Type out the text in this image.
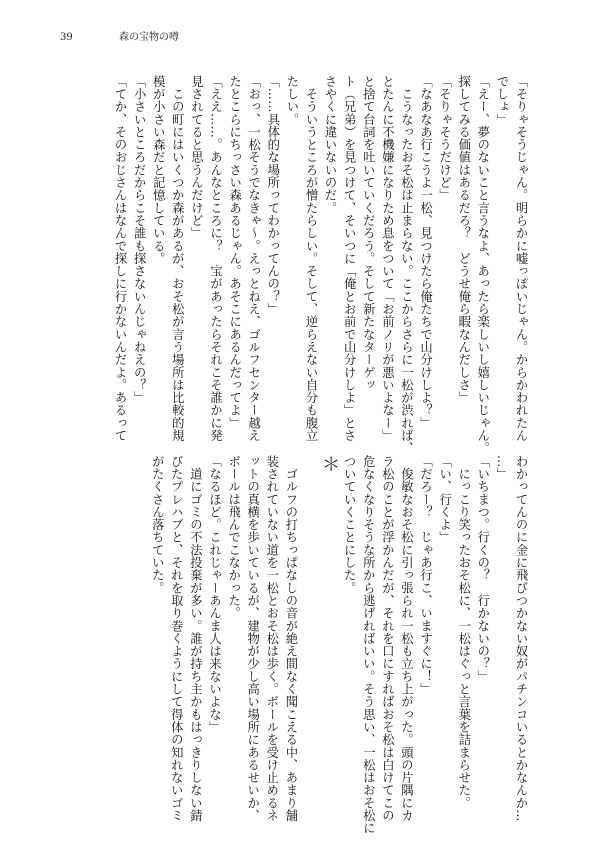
39	森の宝物の噂
「そりゃそうじゃん。明らかに嘘っぽいじゃん。からかわれたん
でしょ」
「えー、夢のないこと言うなよ、あったら楽しいし嬉しいじゃん。
探してみる価値はあるだろ？　どうせ俺ら暇なんだしさ」
「そりゃそうだけど」
「なあなあ行こうよ一松、見つけたら俺たちで山分けしよ？」
　こうなったおそ松は止まらない。ここからさらに一松が渋れば、
とたんに不機嫌になりため息をついて「お前ノリが悪いよなー」
と捨て台詞を吐いていくだろう。そして新たなターゲッ
ト（兄弟）を見つけて、そいつに「俺とお前で山分けしよ」とさ
さやくに違いないのだ。
　そういうところが憎たらしい。そして、逆らえない自分も腹立
たしい。
「……具体的な場所ってわかってんの？」
「おっ、一松そうでなきゃ～。えっとねえ、ゴルフセンター越え
たとこらにちっさい森あるじゃん。あそこにあるんだってよ」
「ええ……。あんなところに？　宝があったらそれこそ誰かに発
見されてると思うんだけど」
　この町にはいくつか森があるが、おそ松が言う場所は比較的規
模が小さい森だと記憶している。
「小さいところだからこそ誰も探さないんじゃねえの？」
「てか、そのおじさんはなんで探しに行かないんだよ。あるって
わかってんのに金に飛びつかない奴がパチンコいるとかなんか…
…」
「いちまつ。行くの？　行かないの？」
　にっこり笑ったおそ松に、一松はぐっと言葉を詰まらせた。
「い、行くよ」
「だろー？　じゃあ行こ、いますぐに！」
　俊敏なおそ松に引っ張られ一松も立ち上がった。頭の片隅にカ
ラ松のことが浮かんだが、それを口にすればおそ松は白けてこの
危なくなりそうな所から逃げればいい。そう思い、一松はおそ松に
ついていくことにした。
＊

　ゴルフの打ちっぱなしの音が絶え間なく聞こえる中、あまり舗
装されていない道を一松とおそ松は歩く。ボールを受け止めるネ
ットの真横を歩いているが、建物が少し高い場所にあるせいか、
ボールは飛んでこなかった。
「なるほど。これじゃーあんま人は来ないよな」
　道にゴミの不法投棄が多い。誰が持ち主かもはっきりしない錆
びたプレハブと、それを取り巻くようにして得体の知れないゴミ
がたくさん落ちていた。
